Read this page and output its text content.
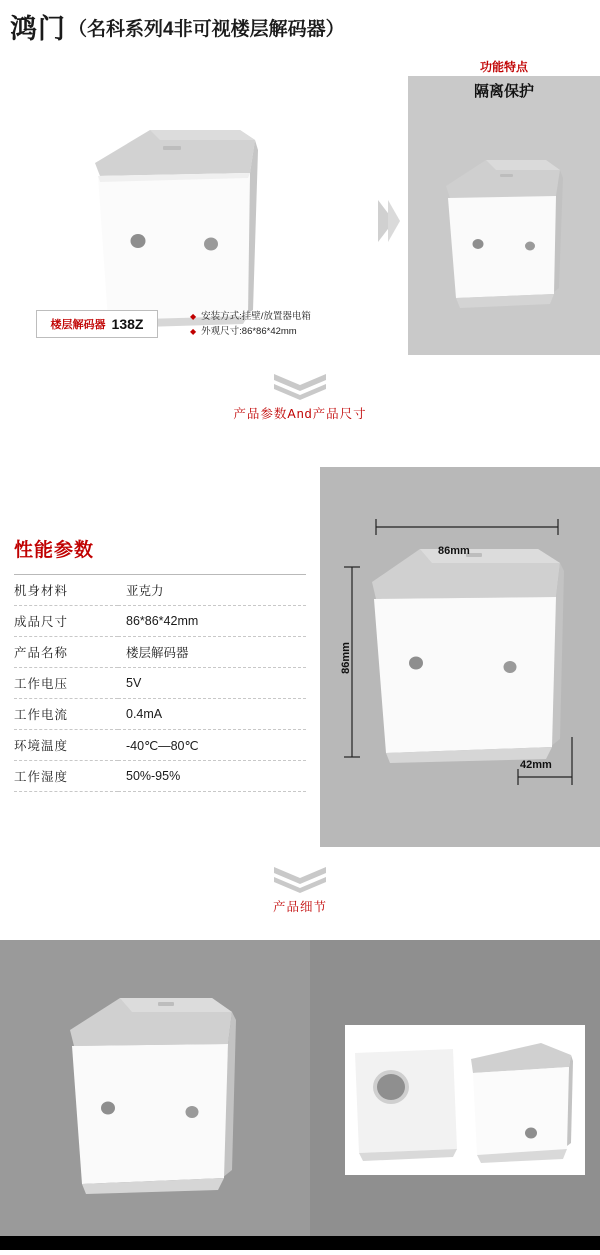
鸿门 （名科系列4非可视楼层解码器）
功能特点
隔离保护
楼层解码器 138Z	◆ 安装方式:挂壁/放置器电箱
◆ 外观尺寸:86*86*42mm
产品参数And产品尺寸
性能参数
机身材料	亚克力
成品尺寸	86*86*42mm
产品名称	楼层解码器
工作电压	5V
工作电流	0.4mA
环境温度	-40℃—80℃
工作湿度	50%-95%
86mm
86mm
42mm
产品细节
